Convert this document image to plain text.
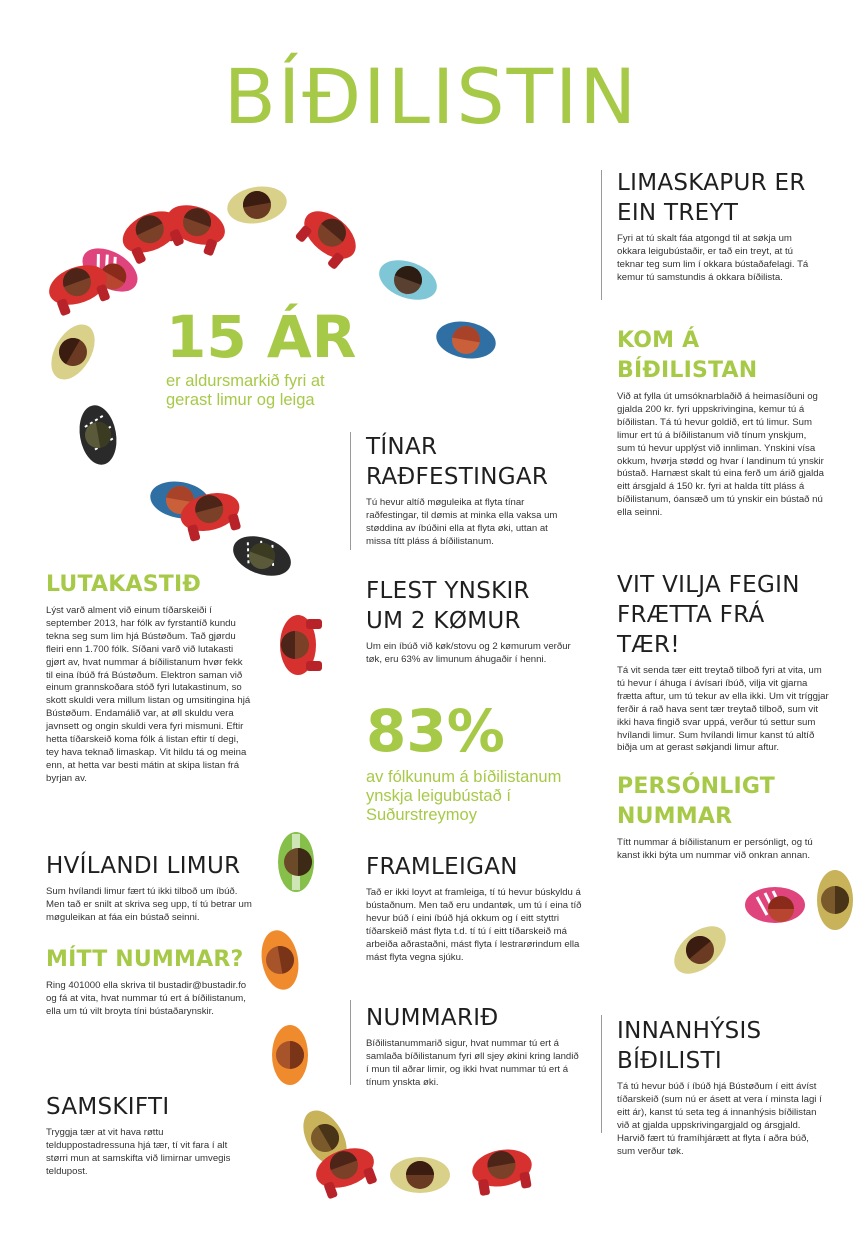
BÍÐILISTIN
15 ÁR
er aldursmarkið fyri at gerast limur og leiga
83%
av fólkunum á bíðilistanum ynskja leigubústað í Suðurstreymoy
LIMASKAPUR ER EIN TREYT
Fyri at tú skalt fáa atgongd til at søkja um okkara leigubústaðir, er tað ein treyt, at tú teknar teg sum lim í okkara bústaðafelagi. Tá kemur tú samstundis á okkara bíðilista.
KOM Á BÍÐILISTAN
Við at fylla út umsóknarblaðið á heimasíðuni og gjalda 200 kr. fyri uppskrivingina, kemur tú á bíðilistan. Tá tú hevur goldið, ert tú limur. Sum limur ert tú á bíðilistanum við tínum ynskjum, sum tú hevur upplýst við innliman. Ynskini vísa okkum, hvørja stødd og hvar í landinum tú ynskir bústað. Harnæst skalt tú eina ferð um árið gjalda eitt ársgjald á 150 kr. fyri at halda títt pláss á bíðilistanum, óansæð um tú ynskir ein bústað nú ella seinni.
VIT VILJA FEGIN FRÆTTA FRÁ TÆR!
Tá vit senda tær eitt treytað tilboð fyri at vita, um tú hevur í áhuga í ávísari íbúð, vilja vit gjarna frætta aftur, um tú tekur av ella ikki. Um vit tríggjar ferðir á rað hava sent tær treytað tilboð, sum vit ikki hava fingið svar uppá, verður tú settur sum hvílandi limur. Sum hvílandi limur kanst tú altíð biðja um at gerast søkjandi limur aftur.
PERSÓNLIGT NUMMAR
Títt nummar á bíðilistanum er persónligt, og tú kanst ikki býta um nummar við onkran annan.
INNANHÝSIS BÍÐILISTI
Tá tú hevur búð í íbúð hjá Bústøðum í eitt ávíst tíðarskeið (sum nú er ásett at vera í minsta lagi í eitt ár), kanst tú seta teg á innanhýsis bíðilistan við at gjalda uppskrivingargjald og ársgjald. Harvið fært tú framíhjárætt at flyta í aðra búð, sum verður tøk.
TÍNAR RAÐFESTINGAR
Tú hevur altíð møguleika at flyta tínar raðfestingar, til dømis at minka ella vaksa um støddina av íbúðini ella at flyta øki, uttan at missa títt pláss á bíðilistanum.
FLEST YNSKIR UM 2 KØMUR
Um ein íbúð við køk/stovu og 2 kømurum verður tøk, eru 63% av limunum áhugaðir í henni.
FRAMLEIGAN
Tað er ikki loyvt at framleiga, tí tú hevur búskyldu á bústaðnum. Men tað eru undantøk, um tú í eina tíð hevur búð í eini íbúð hjá okkum og í eitt styttri tíðarskeið mást flyta t.d. tí tú í eitt tíðarskeið má arbeiða aðrastaðni, mást flyta í lestrarørindum ella mást flyta vegna sjúku.
NUMMARIÐ
Bíðilistanummarið sigur, hvat nummar tú ert á samlaða bíðilistanum fyri øll sjey økini kring landið í mun til aðrar limir, og ikki hvat nummar tú ert á tínum ynskta øki.
LUTAKASTIÐ
Lýst varð alment við einum tíðarskeiði í september 2013, har fólk av fyrstantíð kundu tekna seg sum lim hjá Bústøðum. Tað gjørdu fleiri enn 1.700 fólk. Síðani varð við lutakasti gjørt av, hvat nummar á bíðilistanum hvør fekk til eina íbúð frá Bústøðum. Elektron saman við einum grannskoðara stóð fyri lutakastinum, so skott skuldi vera millum listan og umsitingina hjá Bústøðum. Endamálið var, at øll skuldu vera javnsett og ongin skuldi vera fyri mismuni. Eftir hetta tíðarskeið koma fólk á listan eftir tí degi, tey hava teknað limaskap. Vit hildu tá og meina enn, at hetta var besti mátin at skipa listan frá byrjan av.
HVÍLANDI LIMUR
Sum hvílandi limur fært tú ikki tilboð um íbúð. Men tað er snilt at skriva seg upp, tí tú betrar um møguleikan at fáa ein bústað seinni.
MÍTT NUMMAR?
Ring 401000 ella skriva til bustadir@bustadir.fo og fá at vita, hvat nummar tú ert á bíðilistanum, ella um tú vilt broyta tíni bústaðarynskir.
SAMSKIFTI
Tryggja tær at vit hava røttu telduppostadressuna hjá tær, tí vit fara í alt størri mun at samskifta við limirnar umvegis teldupost.
